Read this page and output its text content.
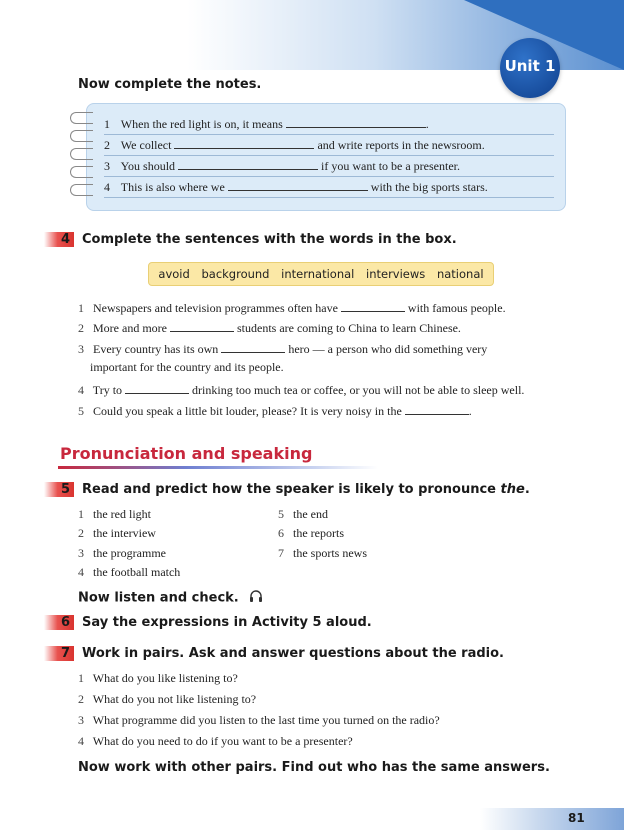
Unit 1
Now complete the notes.
1 When the red light is on, it means	.
2 We collect	and write reports in the newsroom.
3 You should	if you want to be a presenter.
4 This is also where we	with the big sports stars.
4 Complete the sentences with the words in the box.
avoid background international interviews national
1 Newspapers and television programmes often have	with famous people.
2 More and more	students are coming to China to learn Chinese.
3 Every country has its own	hero — a person who did something very
important for the country and its people.
4 Try to	drinking too much tea or coffee, or you will not be able to sleep well.
5 Could you speak a little bit louder, please? It is very noisy in the	.
Pronunciation and speaking
5 Read and predict how the speaker is likely to pronounce the.
1 the red light
2 the interview
3 the programme
4 the football match
5 the end
6 the reports
7 the sports news
Now listen and check.
6 Say the expressions in Activity 5 aloud.
7 Work in pairs. Ask and answer questions about the radio.
1 What do you like listening to?
2 What do you not like listening to?
3 What programme did you listen to the last time you turned on the radio?
4 What do you need to do if you want to be a presenter?
Now work with other pairs. Find out who has the same answers.
81
